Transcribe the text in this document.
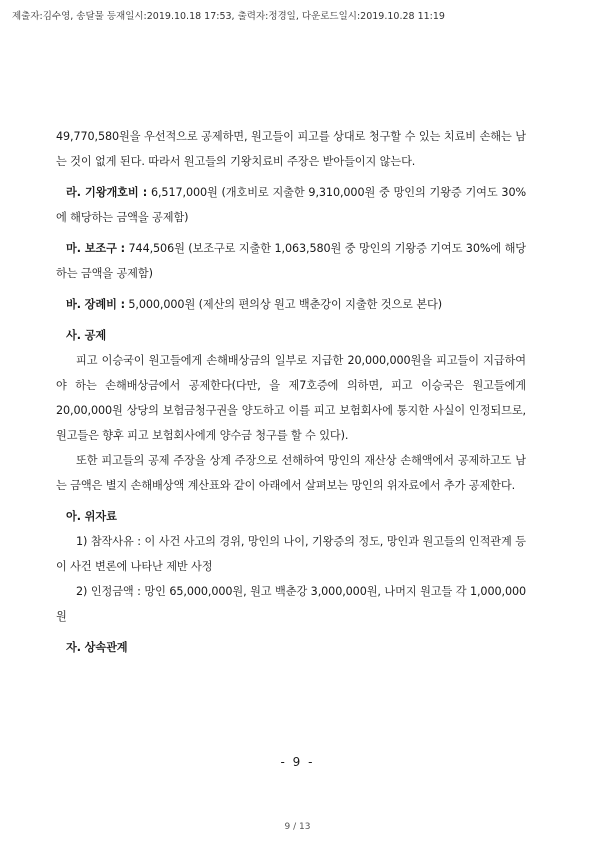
제출자:김수영, 송달물 등재일시:2019.10.18 17:53, 출력자:정경일, 다운로드일시:2019.10.28 11:19

49,770,580원을 우선적으로 공제하면, 원고들이 피고를 상대로 청구할 수 있는 치료비 손해는 남는 것이 없게 된다. 따라서 원고들의 기왕치료비 주장은 받아들이지 않는다.

라. 기왕개호비 : 6,517,000원 (개호비로 지출한 9,310,000원 중 망인의 기왕증 기여도 30%에 해당하는 금액을 공제함)

마. 보조구 : 744,506원 (보조구로 지출한 1,063,580원 중 망인의 기왕증 기여도 30%에 해당하는 금액을 공제함)

바. 장례비 : 5,000,000원 (제산의 편의상 원고 백춘강이 지출한 것으로 본다)

사. 공제

피고 이승국이 원고들에게 손해배상금의 일부로 지급한 20,000,000원을 피고들이 지급하여야 하는 손해배상금에서 공제한다(다만, 을 제7호증에 의하면, 피고 이승국은 원고들에게 20,00,000원 상당의 보험금청구권을 양도하고 이를 피고 보험회사에 통지한 사실이 인정되므로, 원고들은 향후 피고 보험회사에게 양수금 청구를 할 수 있다).

또한 피고들의 공제 주장을 상계 주장으로 선해하여 망인의 재산상 손해액에서 공제하고도 남는 금액은 별지 손해배상액 계산표와 같이 아래에서 살펴보는 망인의 위자료에서 추가 공제한다.

아. 위자료

1) 참작사유 : 이 사건 사고의 경위, 망인의 나이, 기왕증의 정도, 망인과 원고들의 인적관계 등 이 사건 변론에 나타난 제반 사정

2) 인정금액 : 망인 65,000,000원, 원고 백춘강 3,000,000원, 나머지 원고들 각 1,000,000원

자. 상속관계

- 9 -
9 / 13
